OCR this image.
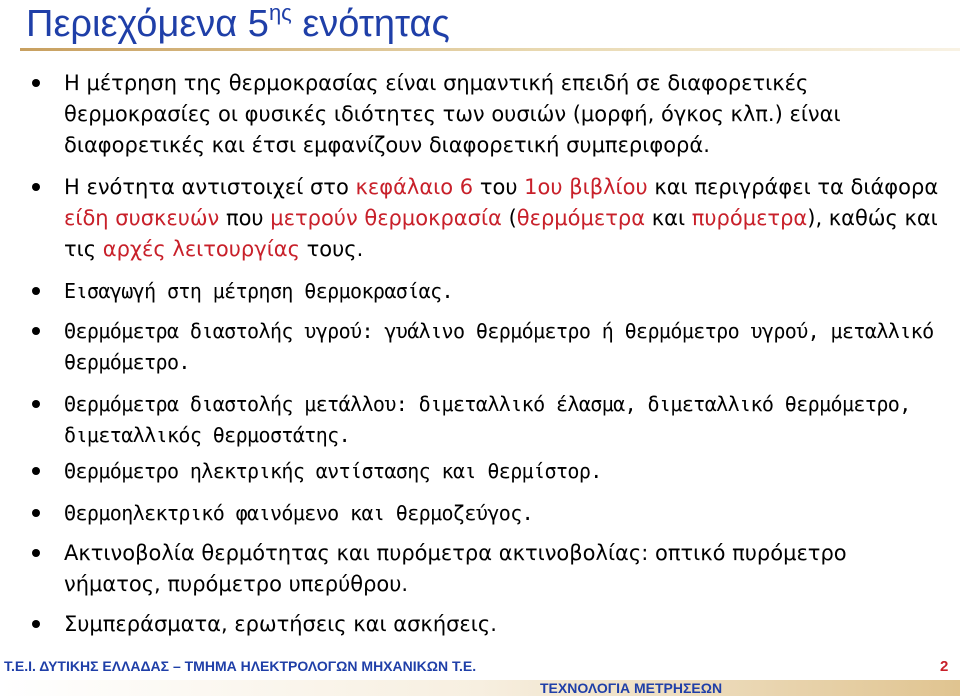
Περιεχόμενα $5^{\eta\varsigma}$ ενότητας
Η μέτρηση της θερμοκρασίας είναι σημαντική επειδή σε διαφορετικές θερμοκρασίες οι φυσικές ιδιότητες των ουσιών (μορφή, όγκος κλπ.) είναι διαφορετικές και έτσι εμφανίζουν διαφορετική συμπεριφορά.
Η ενότητα αντιστοιχεί στο κεφάλαιο 6 του 1ου βιβλίου και περιγράφει τα διάφορα είδη συσκευών που μετρούν θερμοκρασία (θερμόμετρα και πυρόμετρα), καθώς και τις αρχές λειτουργίας τους.
Εισαγωγή στη μέτρηση θερμοκρασίας.
Θερμόμετρα διαστολής υγρού: γυάλινο θερμόμετρο ή θερμόμετρο υγρού, μεταλλικό θερμόμετρο.
Θερμόμετρα διαστολής μετάλλου: διμεταλλικό έλασμα, διμεταλλικό θερμόμετρο, διμεταλλικός θερμοστάτης.
Θερμόμετρο ηλεκτρικής αντίστασης και θερμίστορ.
Θερμοηλεκτρικό φαινόμενο και θερμοζεύγος.
Ακτινοβολία θερμότητας και πυρόμετρα ακτινοβολίας: οπτικό πυρόμετρο νήματος, πυρόμετρο υπερύθρου.
Συμπεράσματα, ερωτήσεις και ασκήσεις.
Τ.Ε.Ι. ΔΥΤΙΚΗΣ ΕΛΛΑΔΑΣ – ΤΜΗΜΑ ΗΛΕΚΤΡΟΛΟΓΩΝ ΜΗΧΑΝΙΚΩΝ Τ.Ε.
ΤΕΧΝΟΛΟΓΙΑ ΜΕΤΡΗΣΕΩΝ
2
